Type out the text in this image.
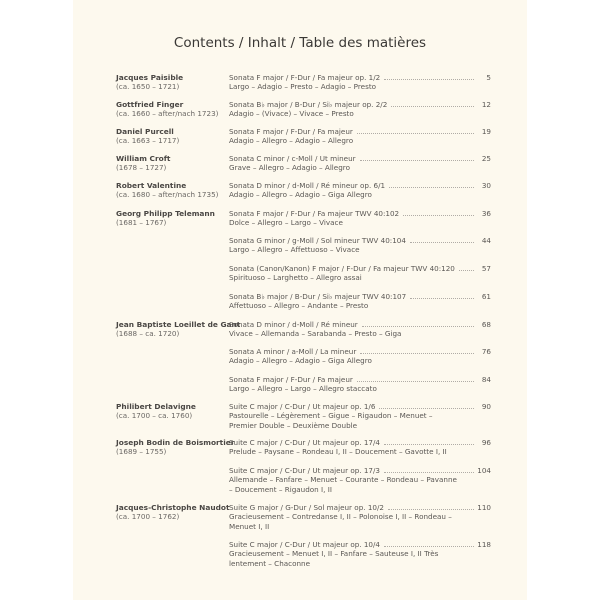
Contents / Inhalt / Table des matières
Jacques Paisible
(ca. 1650 – 1721)
Sonata F major / F-Dur / Fa majeur op. 1/2	5
Largo – Adagio – Presto – Adagio – Presto
Gottfried Finger
(ca. 1660 – after/nach 1723)
Sonata B♭ major / B-Dur / Si♭ majeur op. 2/2	12
Adagio – (Vivace) – Vivace – Presto
Daniel Purcell
(ca. 1663 – 1717)
Sonata F major / F-Dur / Fa majeur	19
Adagio – Allegro – Adagio – Allegro
William Croft
(1678 – 1727)
Sonata C minor / c-Moll / Ut mineur	25
Grave – Allegro – Adagio – Allegro
Robert Valentine
(ca. 1680 – after/nach 1735)
Sonata D minor / d-Moll / Ré mineur op. 6/1	30
Adagio – Allegro – Adagio – Giga Allegro
Georg Philipp Telemann
(1681 – 1767)
Sonata F major / F-Dur / Fa majeur TWV 40:102	36
Dolce – Allegro – Largo – Vivace
Sonata G minor / g-Moll / Sol mineur TWV 40:104	44
Largo – Allegro – Affettuoso – Vivace
Sonata (Canon/Kanon) F major / F-Dur / Fa majeur TWV 40:120	57
Spirituoso – Larghetto – Allegro assai
Sonata B♭ major / B-Dur / Si♭ majeur TWV 40:107	61
Affettuoso – Allegro – Andante – Presto
Jean Baptiste Loeillet de Gant
(1688 – ca. 1720)
Sonata D minor / d-Moll / Ré mineur	68
Vivace – Allemanda – Sarabanda – Presto – Giga
Sonata A minor / a-Moll / La mineur	76
Adagio – Allegro – Adagio – Giga Allegro
Sonata F major / F-Dur / Fa majeur	84
Largo – Allegro – Largo – Allegro staccato
Philibert Delavigne
(ca. 1700 – ca. 1760)
Suite C major / C-Dur / Ut majeur op. 1/6	90
Pastourelle – Légèrement – Gigue – Rigaudon – Menuet – Premier Double – Deuxième Double
Joseph Bodin de Boismortier
(1689 – 1755)
Suite C major / C-Dur / Ut majeur op. 17/4	96
Prelude – Paysane – Rondeau I, II – Doucement – Gavotte I, II
Suite C major / C-Dur / Ut majeur op. 17/3	104
Allemande – Fanfare – Menuet – Courante – Rondeau – Pavanne – Doucement – Rigaudon I, II
Jacques-Christophe Naudot
(ca. 1700 – 1762)
Suite G major / G-Dur / Sol majeur op. 10/2	110
Gracieusement – Contredanse I, II – Polonoise I, II – Rondeau – Menuet I, II
Suite C major / C-Dur / Ut majeur op. 10/4	118
Gracieusement – Menuet I, II – Fanfare – Sauteuse I, II Très lentement – Chaconne
